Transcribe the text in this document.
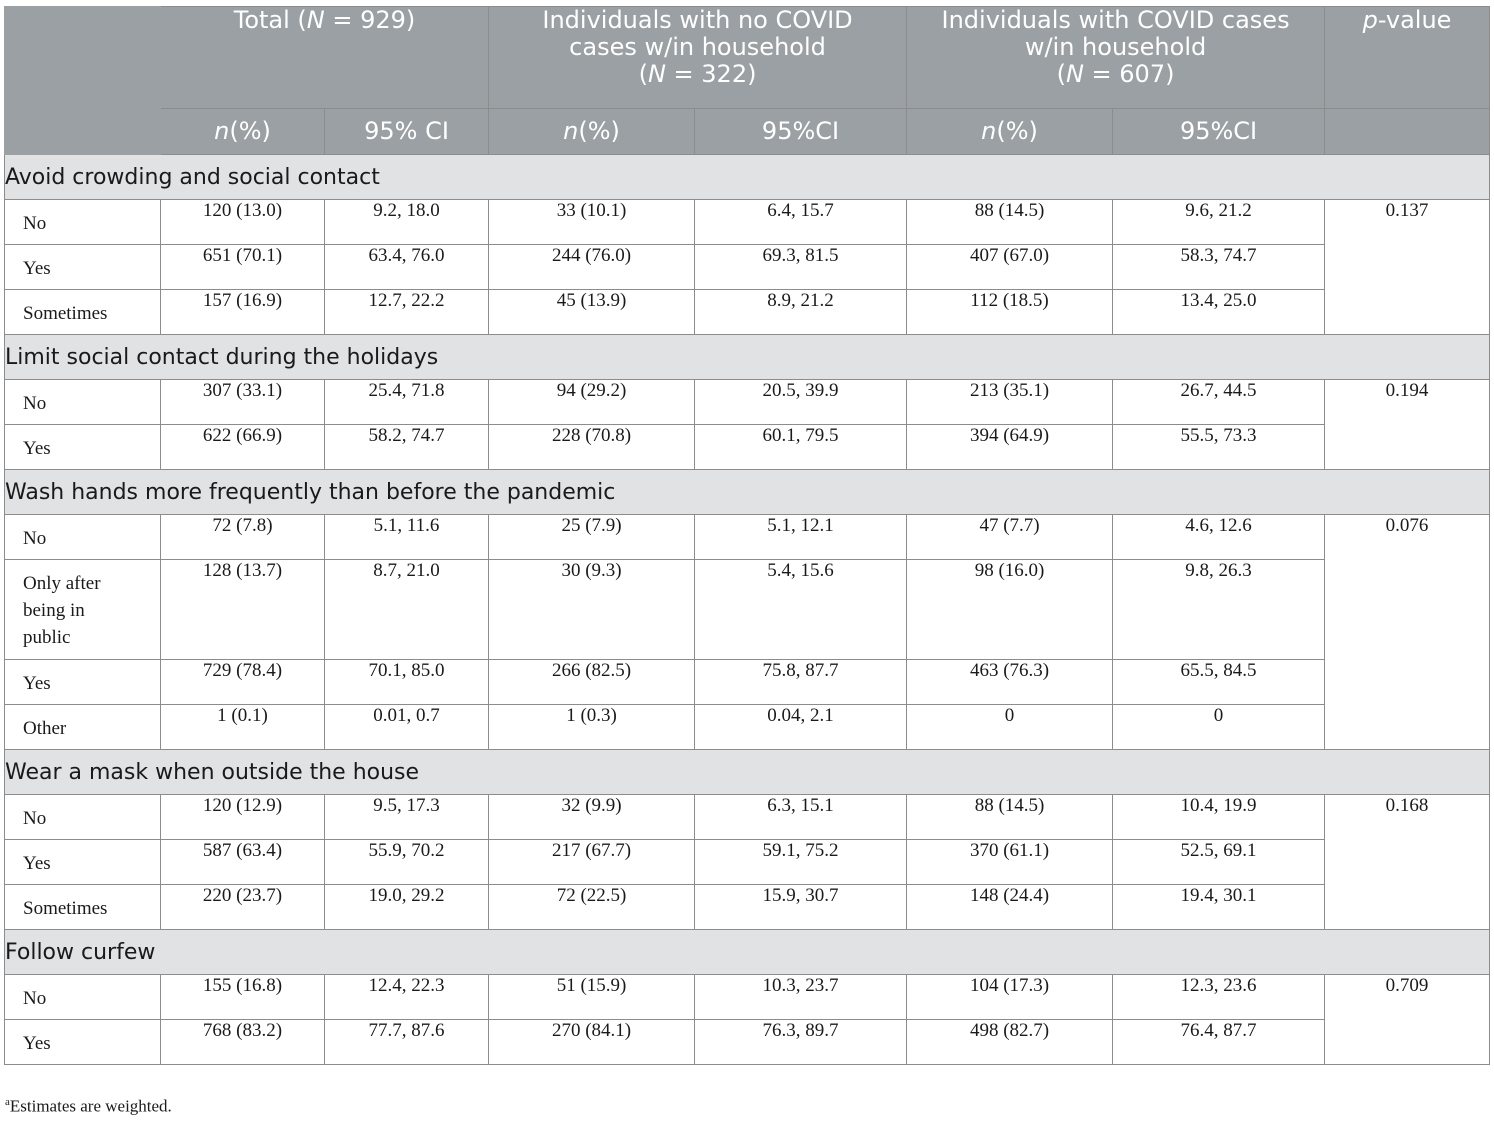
	Total (N = 929)		Individuals with no COVID
cases w/in household
(N = 322)		Individuals with COVID cases
w/in household
(N = 607)		p-value
	n(%)	95% CI	n(%)	95%CI	n(%)	95%CI	
Avoid crowding and social contact							

No	120 (13.0)	9.2, 18.0	33 (10.1)	6.4, 15.7	88 (14.5)	9.6, 21.2	0.137

Yes	651 (70.1)	63.4, 76.0	244 (76.0)	69.3, 81.5	407 (67.0)	58.3, 74.7	

Sometimes	157 (16.9)	12.7, 22.2	45 (13.9)	8.9, 21.2	112 (18.5)	13.4, 25.0	
Limit social contact during the holidays							

No	307 (33.1)	25.4, 71.8	94 (29.2)	20.5, 39.9	213 (35.1)	26.7, 44.5	0.194

Yes	622 (66.9)	58.2, 74.7	228 (70.8)	60.1, 79.5	394 (64.9)	55.5, 73.3	
Wash hands more frequently than before the pandemic							

No	72 (7.8)	5.1, 11.6	25 (7.9)	5.1, 12.1	47 (7.7)	4.6, 12.6	0.076

Only after being in public	128 (13.7)	8.7, 21.0	30 (9.3)	5.4, 15.6	98 (16.0)	9.8, 26.3	

Yes	729 (78.4)	70.1, 85.0	266 (82.5)	75.8, 87.7	463 (76.3)	65.5, 84.5	

Other	1 (0.1)	0.01, 0.7	1 (0.3)	0.04, 2.1	0	0	
Wear a mask when outside the house							

No	120 (12.9)	9.5, 17.3	32 (9.9)	6.3, 15.1	88 (14.5)	10.4, 19.9	0.168

Yes	587 (63.4)	55.9, 70.2	217 (67.7)	59.1, 75.2	370 (61.1)	52.5, 69.1	

Sometimes	220 (23.7)	19.0, 29.2	72 (22.5)	15.9, 30.7	148 (24.4)	19.4, 30.1	
Follow curfew							

No	155 (16.8)	12.4, 22.3	51 (15.9)	10.3, 23.7	104 (17.3)	12.3, 23.6	0.709

Yes	768 (83.2)	77.7, 87.6	270 (84.1)	76.3, 89.7	498 (82.7)	76.4, 87.7	
$^a$Estimates are weighted.
